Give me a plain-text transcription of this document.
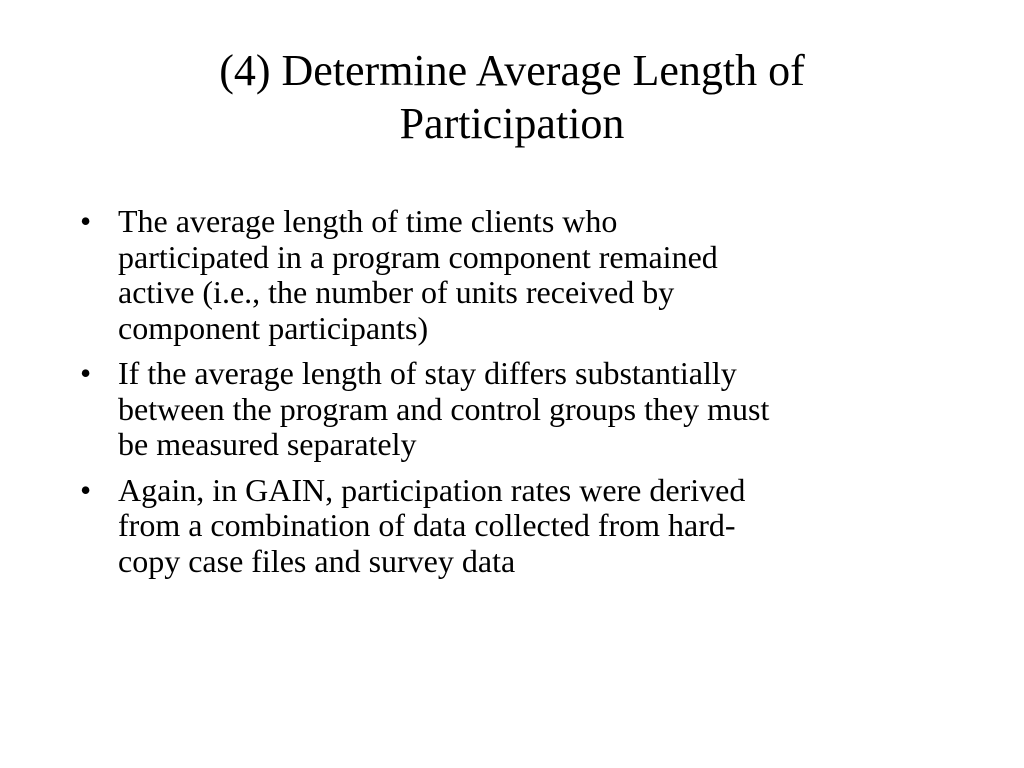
(4) Determine Average Length of
Participation
• The average length of time clients who
participated in a program component remained
active (i.e., the number of units received by
component participants)
• If the average length of stay differs substantially
between the program and control groups they must
be measured separately
• Again, in GAIN, participation rates were derived
from a combination of data collected from hard-
copy case files and survey data
